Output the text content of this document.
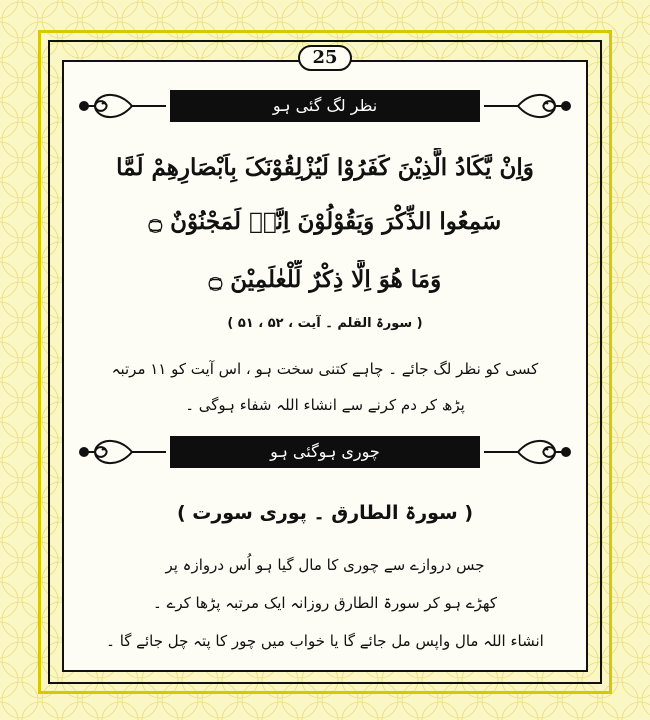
25
نظر لگ گئی ہو
وَاِنْ یَّکَادُ الَّذِیْنَ کَفَرُوْا لَیُزْلِقُوْنَکَ بِاَبْصَارِھِمْ لَمَّا
سَمِعُوا الذِّکْرَ وَیَقُوْلُوْنَ اِنَّہٗ لَمَجْنُوْنٌ ۝
وَمَا ھُوَ اِلَّا ذِکْرٌ لِّلْعٰلَمِیْنَ ۝
( سورۃ القلم ۔ آیت ، ۵۲ ، ۵۱ )
کسی کو نظر لگ جائے ۔ چاہے کتنی سخت ہو ، اس آیت کو ۱۱ مرتبہ
پڑھ کر دم کرنے سے انشاء اللہ شفاء ہوگی ۔
چوری ہوگئی ہو
( سورۃ الطارق ۔ پوری سورت )
جس دروازے سے چوری کا مال گیا ہو اُس دروازہ پر
کھڑے ہو کر سورۃ الطارق روزانہ ایک مرتبہ پڑھا کرے ۔
انشاء اللہ مال واپس مل جائے گا یا خواب میں چور کا پتہ چل جائے گا ۔
